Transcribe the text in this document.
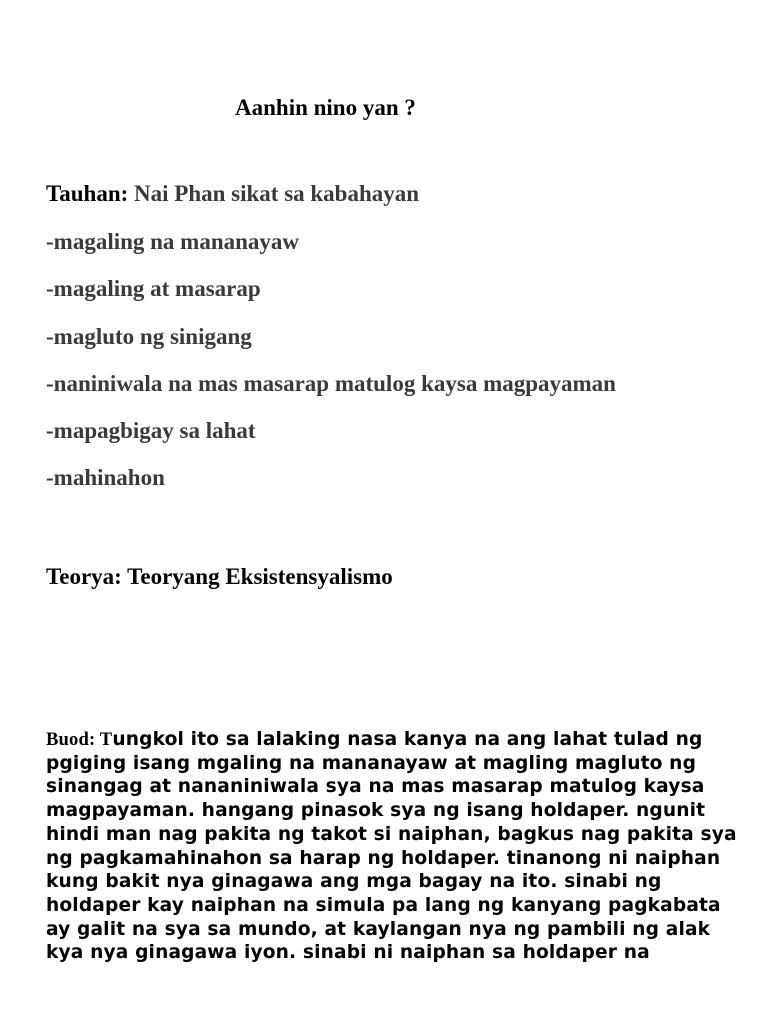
Aanhin nino yan ?
Tauhan: Nai Phan sikat sa kabahayan
-magaling na mananayaw
-magaling at masarap
-magluto ng sinigang
-naniniwala na mas masarap matulog kaysa magpayaman
-mapagbigay sa lahat
-mahinahon
Teorya: Teoryang Eksistensyalismo
Buod: Tungkol ito sa lalaking nasa kanya na ang lahat tulad ng
pgiging isang mgaling na mananayaw at magling magluto ng
sinangag at nananiniwala sya na mas masarap matulog kaysa
magpayaman. hangang pinasok sya ng isang holdaper. ngunit
hindi man nag pakita ng takot si naiphan, bagkus nag pakita sya
ng pagkamahinahon sa harap ng holdaper. tinanong ni naiphan
kung bakit nya ginagawa ang mga bagay na ito. sinabi ng
holdaper kay naiphan na simula pa lang ng kanyang pagkabata
ay galit na sya sa mundo, at kaylangan nya ng pambili ng alak
kya nya ginagawa iyon. sinabi ni naiphan sa holdaper na
